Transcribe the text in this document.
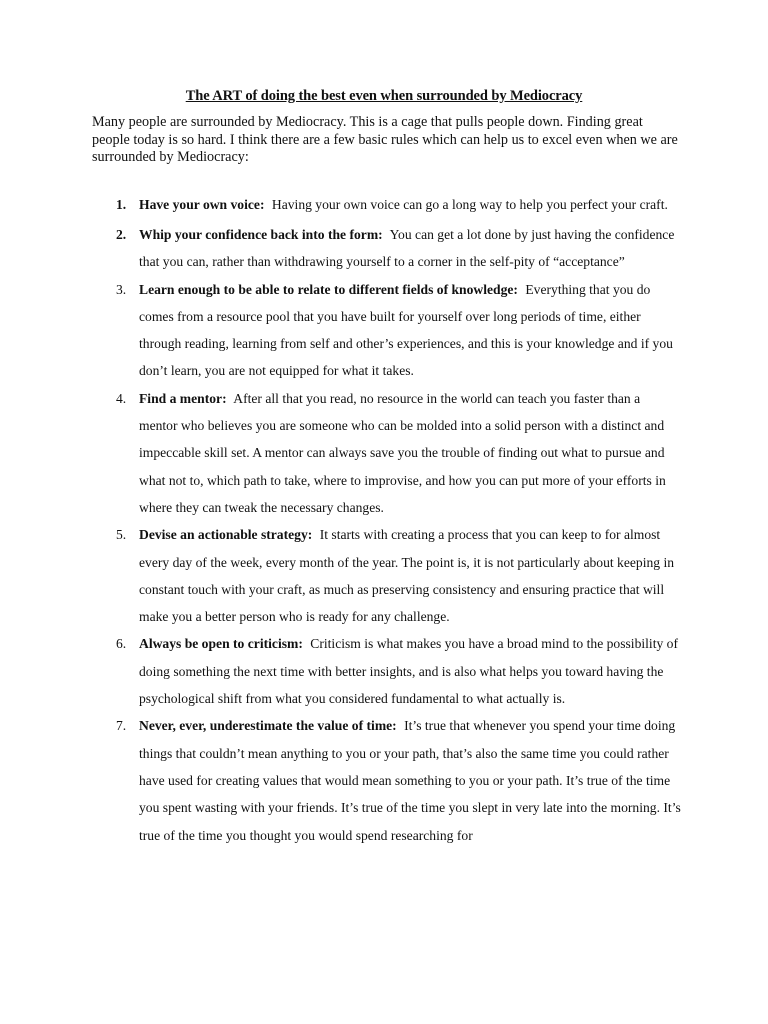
The ART of doing the best even when surrounded by Mediocracy
Many people are surrounded by Mediocracy. This is a cage that pulls people down. Finding great people today is so hard. I think there are a few basic rules which can help us to excel even when we are surrounded by Mediocracy:
1. Have your own voice: Having your own voice can go a long way to help you perfect your craft.
2. Whip your confidence back into the form: You can get a lot done by just having the confidence that you can, rather than withdrawing yourself to a corner in the self-pity of “acceptance”
3. Learn enough to be able to relate to different fields of knowledge: Everything that you do comes from a resource pool that you have built for yourself over long periods of time, either through reading, learning from self and other’s experiences, and this is your knowledge and if you don’t learn, you are not equipped for what it takes.
4. Find a mentor: After all that you read, no resource in the world can teach you faster than a mentor who believes you are someone who can be molded into a solid person with a distinct and impeccable skill set. A mentor can always save you the trouble of finding out what to pursue and what not to, which path to take, where to improvise, and how you can put more of your efforts in where they can tweak the necessary changes.
5. Devise an actionable strategy: It starts with creating a process that you can keep to for almost every day of the week, every month of the year. The point is, it is not particularly about keeping in constant touch with your craft, as much as preserving consistency and ensuring practice that will make you a better person who is ready for any challenge.
6. Always be open to criticism: Criticism is what makes you have a broad mind to the possibility of doing something the next time with better insights, and is also what helps you toward having the psychological shift from what you considered fundamental to what actually is.
7. Never, ever, underestimate the value of time: It’s true that whenever you spend your time doing things that couldn’t mean anything to you or your path, that’s also the same time you could rather have used for creating values that would mean something to you or your path. It’s true of the time you spent wasting with your friends. It’s true of the time you slept in very late into the morning. It’s true of the time you thought you would spend researching for
